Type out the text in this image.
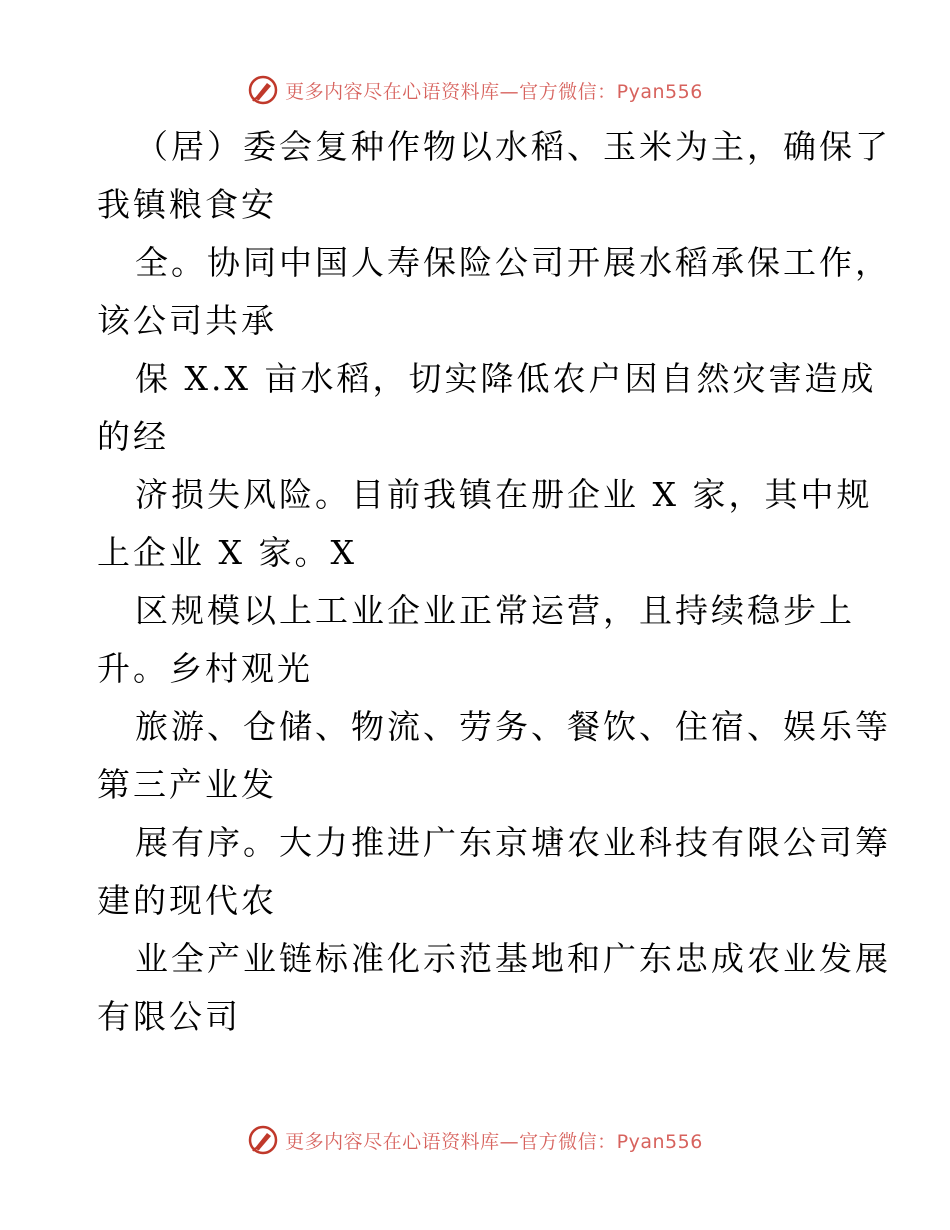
更多内容尽在心语资料库—官方微信：Pyan556
（居）委会复种作物以水稻、玉米为主，确保了
我镇粮食安
全。协同中国人寿保险公司开展水稻承保工作，
该公司共承
保 X.X 亩水稻，切实降低农户因自然灾害造成
的经
济损失风险。目前我镇在册企业 X 家，其中规
上企业 X 家。X
区规模以上工业企业正常运营，且持续稳步上
升。乡村观光
旅游、仓储、物流、劳务、餐饮、住宿、娱乐等
第三产业发
展有序。大力推进广东京塘农业科技有限公司筹
建的现代农
业全产业链标准化示范基地和广东忠成农业发展
有限公司
更多内容尽在心语资料库—官方微信：Pyan556
